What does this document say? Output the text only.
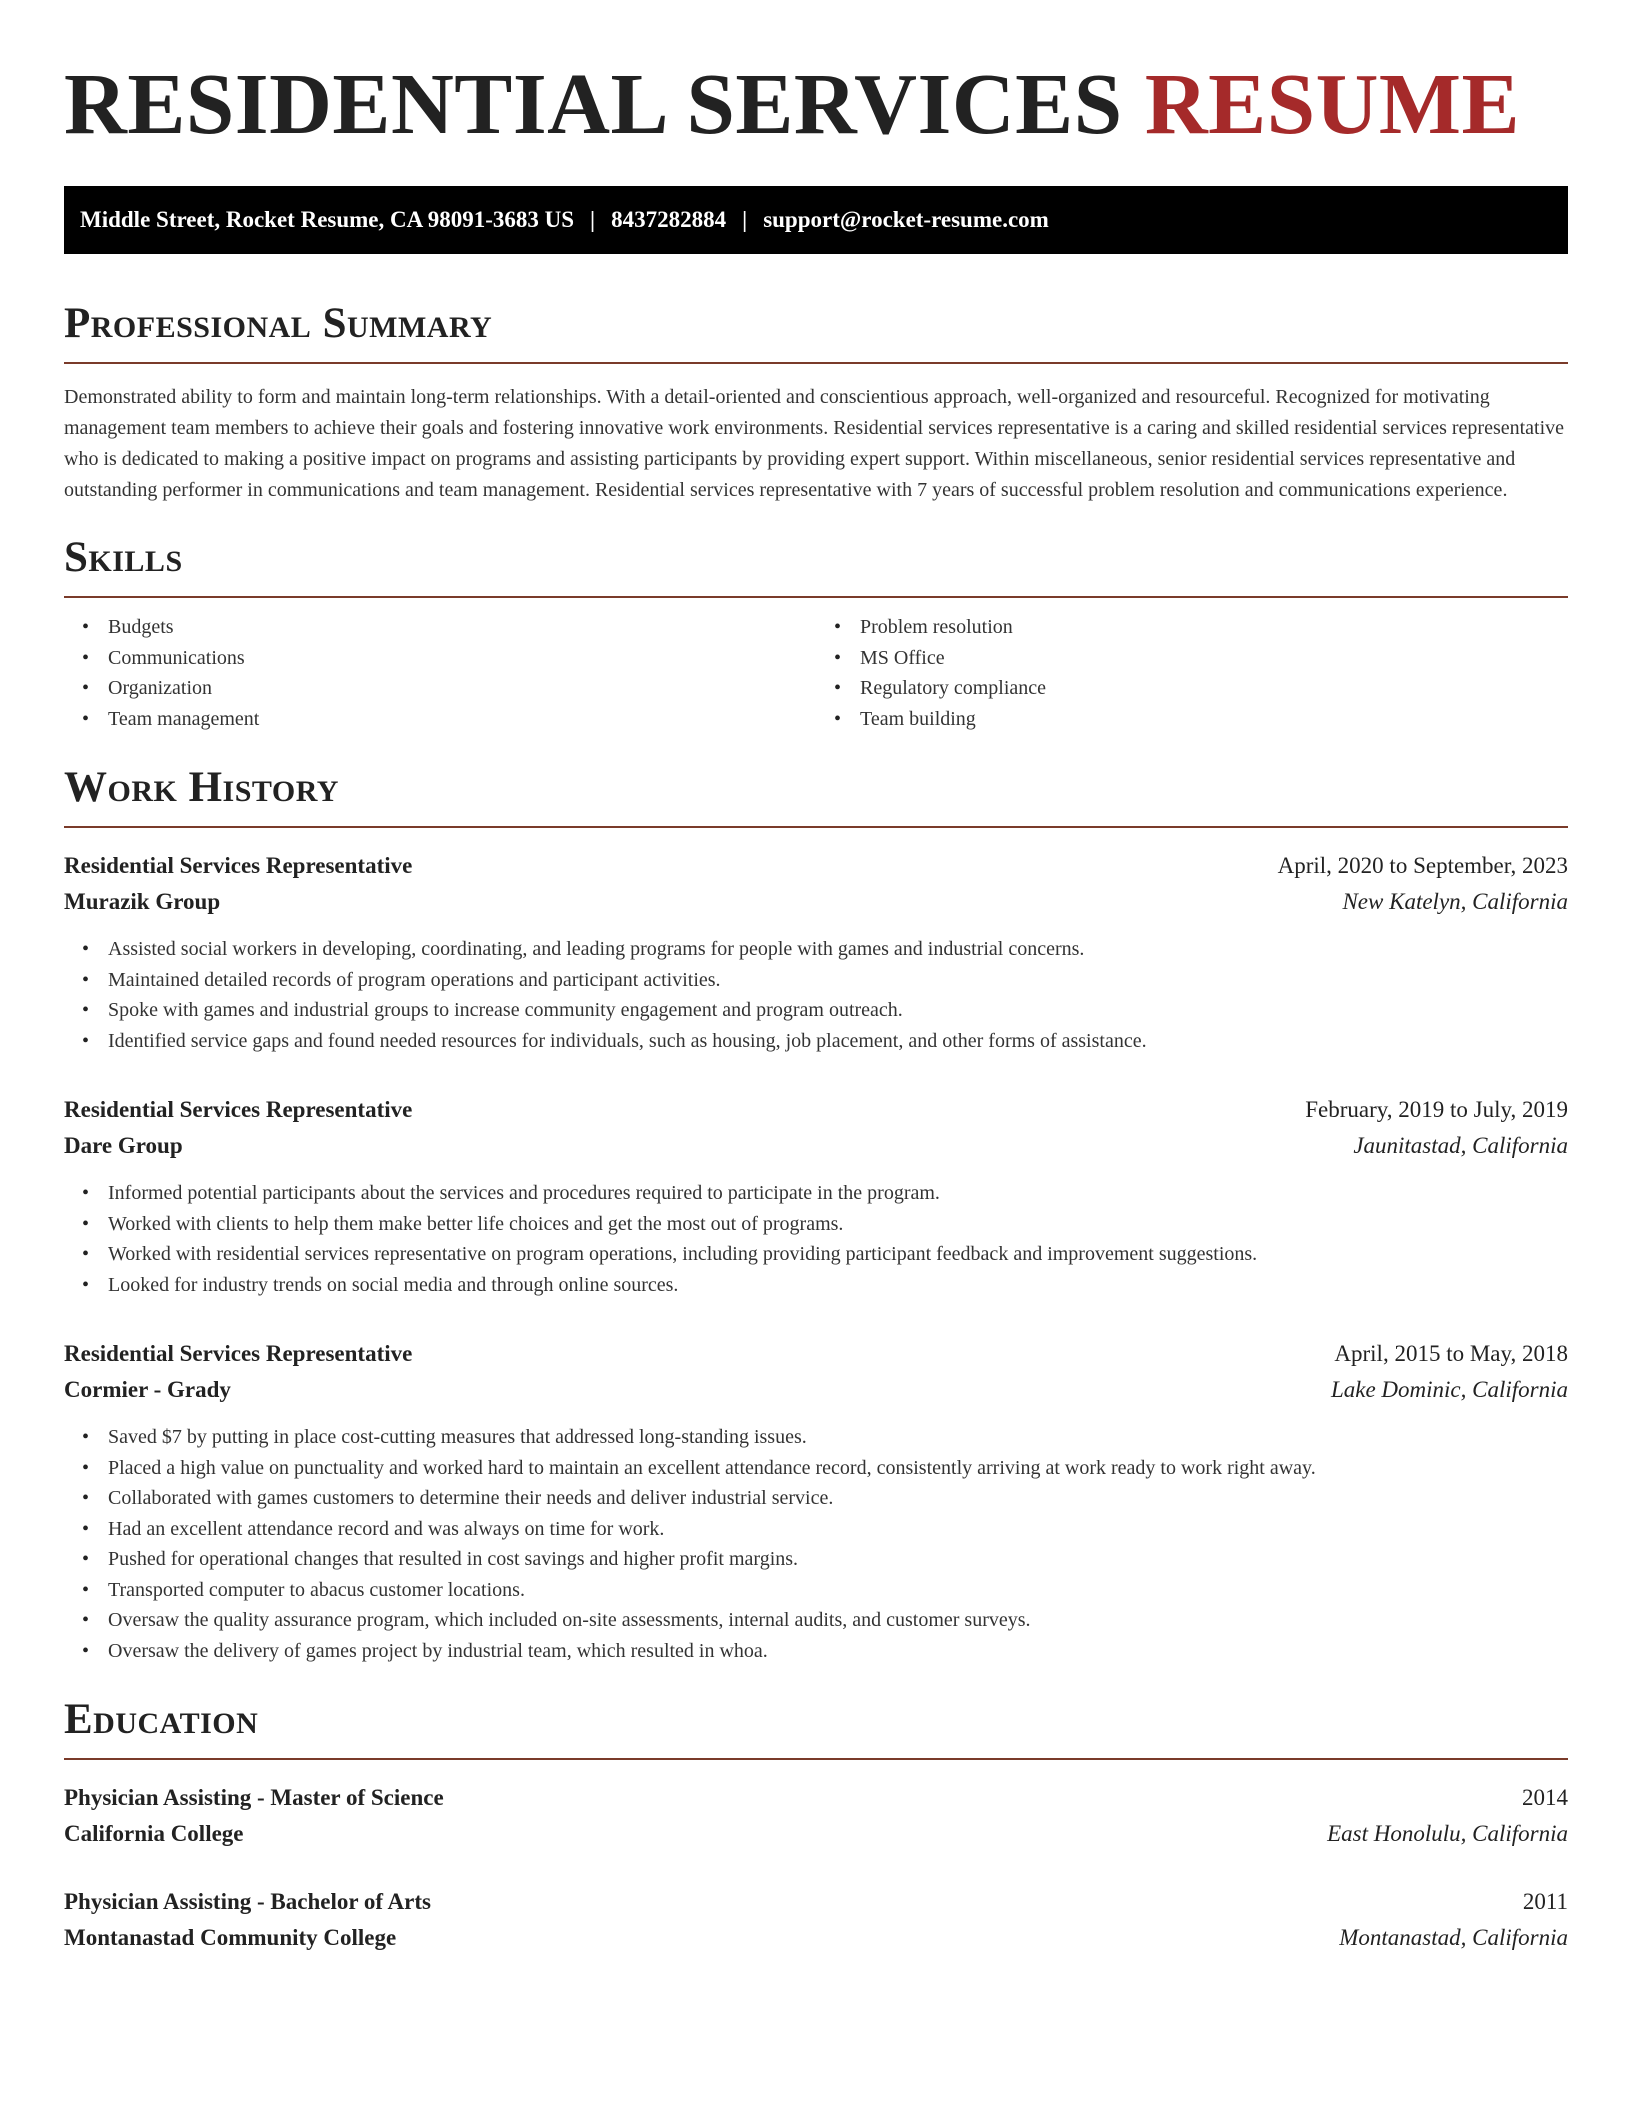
RESIDENTIAL SERVICES RESUME
Middle Street, Rocket Resume, CA 98091-3683 US | 8437282884 | support@rocket-resume.com
Professional Summary

Demonstrated ability to form and maintain long-term relationships. With a detail-oriented and conscientious approach, well-organized and resourceful. Recognized for motivating management team members to achieve their goals and fostering innovative work environments. Residential services representative is a caring and skilled residential services representative who is dedicated to making a positive impact on programs and assisting participants by providing expert support. Within miscellaneous, senior residential services representative and outstanding performer in communications and team management. Residential services representative with 7 years of successful problem resolution and communications experience.

Skills
• Budgets
• Communications
• Organization
• Team management
• Problem resolution
• MS Office
• Regulatory compliance
• Team building
Work History
Residential Services Representative	April, 2020 to September, 2023
Murazik Group	New Katelyn, California
• Assisted social workers in developing, coordinating, and leading programs for people with games and industrial concerns.
• Maintained detailed records of program operations and participant activities.
• Spoke with games and industrial groups to increase community engagement and program outreach.
• Identified service gaps and found needed resources for individuals, such as housing, job placement, and other forms of assistance.
Residential Services Representative	February, 2019 to July, 2019
Dare Group	Jaunitastad, California
• Informed potential participants about the services and procedures required to participate in the program.
• Worked with clients to help them make better life choices and get the most out of programs.
• Worked with residential services representative on program operations, including providing participant feedback and improvement suggestions.
• Looked for industry trends on social media and through online sources.
Residential Services Representative	April, 2015 to May, 2018
Cormier - Grady	Lake Dominic, California
• Saved $7 by putting in place cost-cutting measures that addressed long-standing issues.
• Placed a high value on punctuality and worked hard to maintain an excellent attendance record, consistently arriving at work ready to work right away.
• Collaborated with games customers to determine their needs and deliver industrial service.
• Had an excellent attendance record and was always on time for work.
• Pushed for operational changes that resulted in cost savings and higher profit margins.
• Transported computer to abacus customer locations.
• Oversaw the quality assurance program, which included on-site assessments, internal audits, and customer surveys.
• Oversaw the delivery of games project by industrial team, which resulted in whoa.
Education
Physician Assisting - Master of Science	2014
California College	East Honolulu, California
Physician Assisting - Bachelor of Arts	2011
Montanastad Community College	Montanastad, California
